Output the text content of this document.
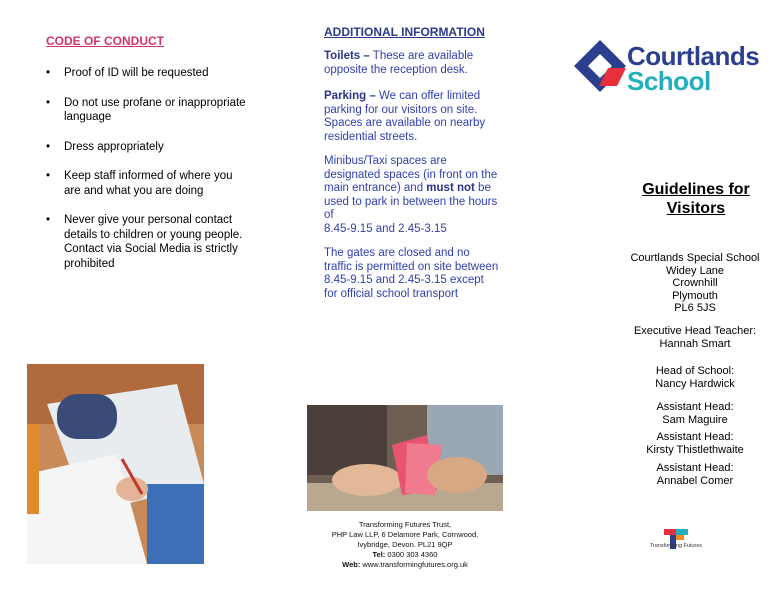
CODE OF CONDUCT
• Proof of ID will be requested
• Do not use profane or inappropriate language
• Dress appropriately
• Keep staff informed of where you are and what you are doing
• Never give your personal contact details to children or young people. Contact via Social Media is strictly prohibited
ADDITIONAL INFORMATION
Toilets – These are available opposite the reception desk.
Parking – We can offer limited parking for our visitors on site. Spaces are available on nearby residential streets.
Minibus/Taxi spaces are designated spaces (in front on the main entrance) and must not be used to park in between the hours of
8.45-9.15 and 2.45-3.15
The gates are closed and no traffic is permitted on site between 8.45-9.15 and 2.45-3.15 except for official school transport
Transforming Futures Trust,
PHP Law LLP, 6 Delamore Park, Cornwood,
Ivybridge, Devon. PL21 9QP
Tel: 0300 303 4360
Web: www.transformingfutures.org.uk
Courtlands
School
Guidelines for
Visitors
Courtlands Special School
Widey Lane
Crownhill
Plymouth
PL6 5JS
Executive Head Teacher:
Hannah Smart
Head of School:
Nancy Hardwick
Assistant Head:
Sam Maguire
Assistant Head:
Kirsty Thistlethwaite
Assistant Head:
Annabel Comer
Transforming Futures
